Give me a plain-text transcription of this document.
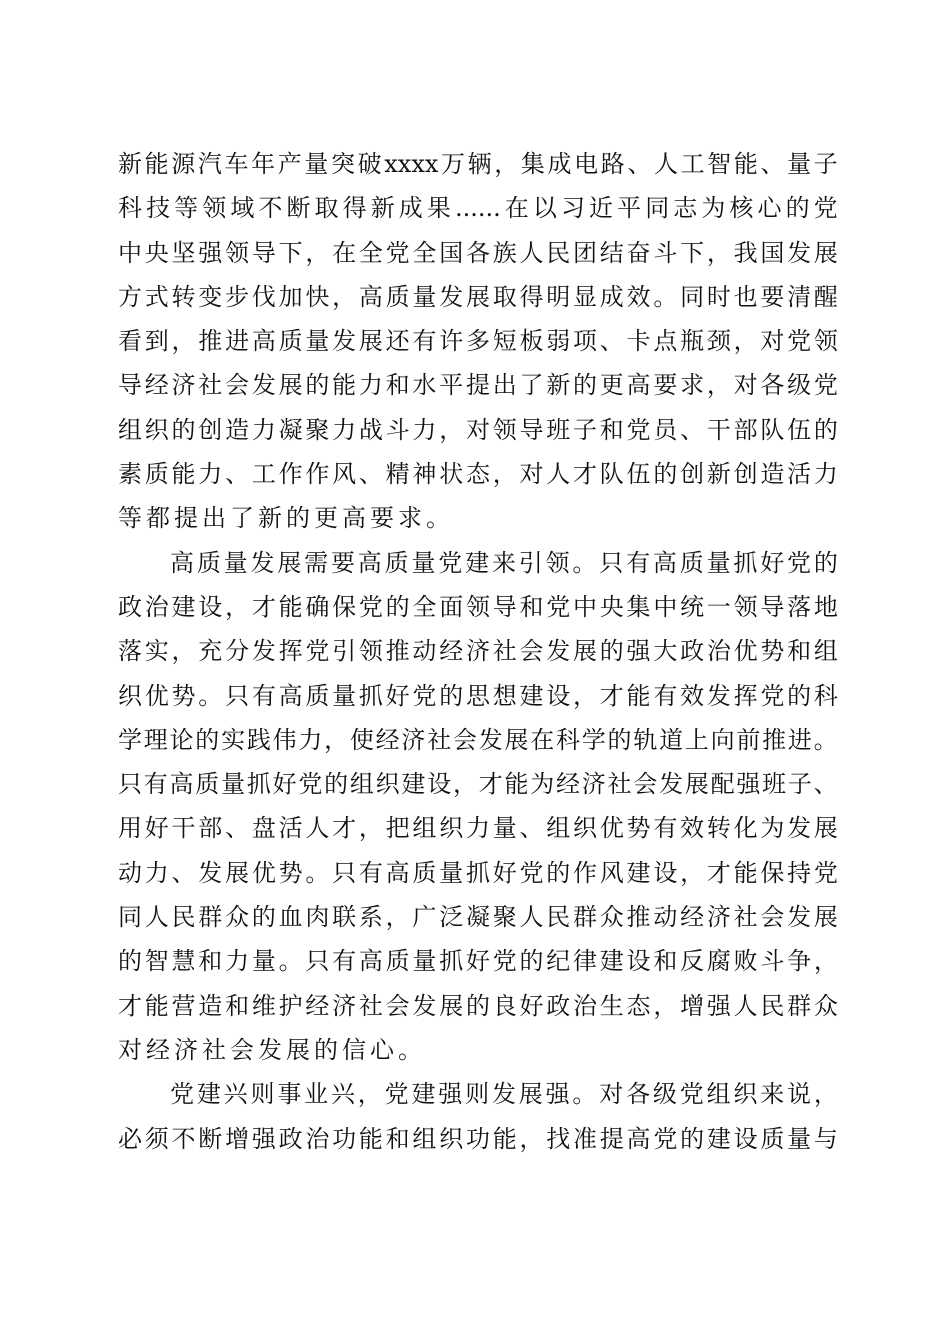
新 能 源 汽 车 年 产 量 突 破 xxxx 万 辆 ， 集 成 电 路 、 人 工 智 能 、 量 子
科 技 等 领 域 不 断 取 得 新 成 果 ...... 在 以 习 近 平 同 志 为 核 心 的 党
中 央 坚 强 领 导 下 ， 在 全 党 全 国 各 族 人 民 团 结 奋 斗 下 ， 我 国 发 展
方 式 转 变 步 伐 加 快 ， 高 质 量 发 展 取 得 明 显 成 效 。 同 时 也 要 清 醒
看 到 ， 推 进 高 质 量 发 展 还 有 许 多 短 板 弱 项 、 卡 点 瓶 颈 ， 对 党 领
导 经 济 社 会 发 展 的 能 力 和 水 平 提 出 了 新 的 更 高 要 求 ， 对 各 级 党
组 织 的 创 造 力 凝 聚 力 战 斗 力 ， 对 领 导 班 子 和 党 员 、 干 部 队 伍 的
素 质 能 力 、 工 作 作 风 、 精 神 状 态 ， 对 人 才 队 伍 的 创 新 创 造 活 力
等都提出了新的更高要求。
高 质 量 发 展 需 要 高 质 量 党 建 来 引 领 。 只 有 高 质 量 抓 好 党 的
政 治 建 设 ， 才 能 确 保 党 的 全 面 领 导 和 党 中 央 集 中 统 一 领 导 落 地
落 实 ， 充 分 发 挥 党 引 领 推 动 经 济 社 会 发 展 的 强 大 政 治 优 势 和 组
织 优 势 。 只 有 高 质 量 抓 好 党 的 思 想 建 设 ， 才 能 有 效 发 挥 党 的 科
学 理 论 的 实 践 伟 力 ， 使 经 济 社 会 发 展 在 科 学 的 轨 道 上 向 前 推 进 。
只 有 高 质 量 抓 好 党 的 组 织 建 设 ， 才 能 为 经 济 社 会 发 展 配 强 班 子 、
用 好 干 部 、 盘 活 人 才 ， 把 组 织 力 量 、 组 织 优 势 有 效 转 化 为 发 展
动 力 、 发 展 优 势 。 只 有 高 质 量 抓 好 党 的 作 风 建 设 ， 才 能 保 持 党
同 人 民 群 众 的 血 肉 联 系 ， 广 泛 凝 聚 人 民 群 众 推 动 经 济 社 会 发 展
的 智 慧 和 力 量 。 只 有 高 质 量 抓 好 党 的 纪 律 建 设 和 反 腐 败 斗 争 ，
才 能 营 造 和 维 护 经 济 社 会 发 展 的 良 好 政 治 生 态 ， 增 强 人 民 群 众
对经济社会发展的信心。
党 建 兴 则 事 业 兴 ， 党 建 强 则 发 展 强 。 对 各 级 党 组 织 来 说 ，
必 须 不 断 增 强 政 治 功 能 和 组 织 功 能 ， 找 准 提 高 党 的 建 设 质 量 与
